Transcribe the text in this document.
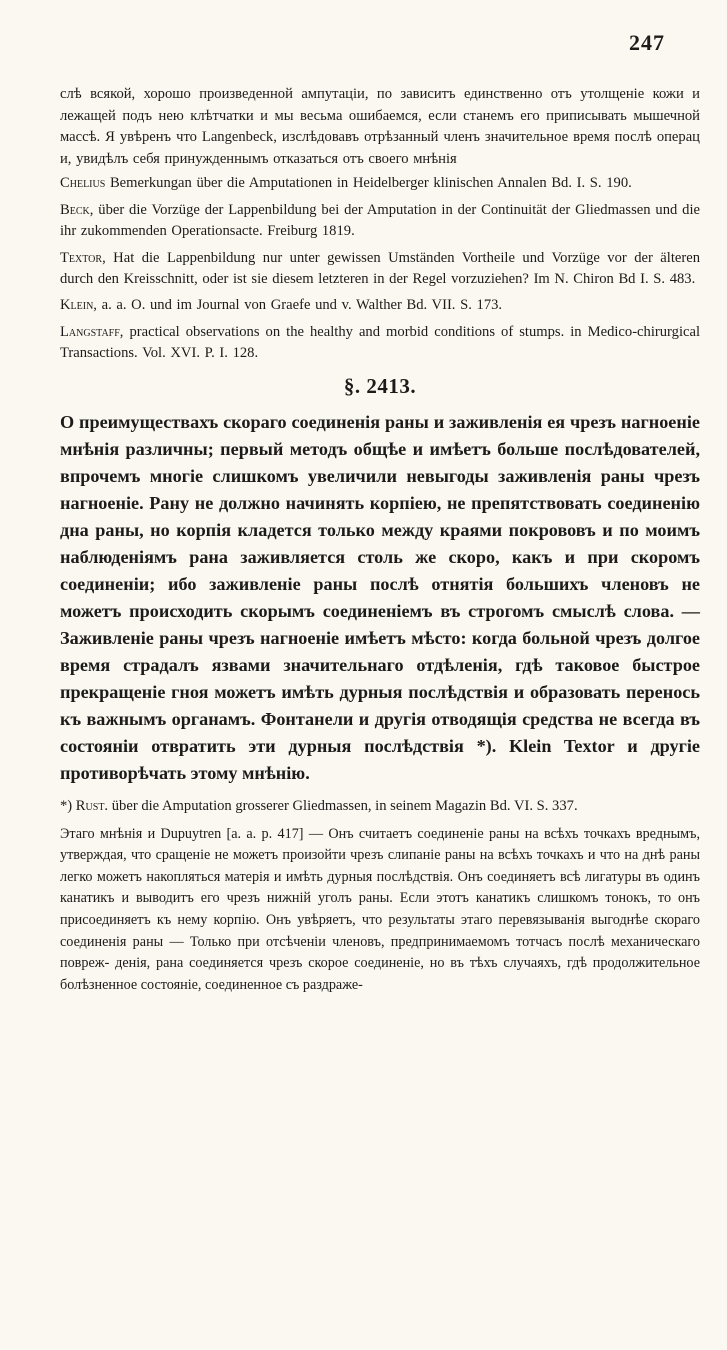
247

слѣ всякой, хорошо произведенной ампутаціи, по зависитъ единственно отъ утолщеніе кожи и лежащей подъ нею клѣтчатки и мы весьма ошибаемся, если станемъ его приписывать мышечной массѣ. Я увѣренъ что Langenbeck, изслѣдовавъ отрѣзанный членъ значительное время послѣ операц и, увидѣлъ себя принужденнымъ отказаться отъ своего мнѣнія

Chelius Bemerkungan über die Amputationen in Heidelberger klinischen Annalen Bd. I. S. 190.

Beck, über die Vorzüge der Lappenbildung bei der Amputation in der Continuität der Gliedmassen und die ihr zukommenden Operationsacte. Freiburg 1819.

Textor, Hat die Lappenbildung nur unter gewissen Umständen Vortheile und Vorzüge vor der älteren durch den Kreisschnitt, oder ist sie diesem letzteren in der Regel vorzuziehen? Im N. Chiron Bd I. S. 483.

Klein, a. a. O. und im Journal von Graefe und v. Walther Bd. VII. S. 173.

Langstaff, practical observations on the healthy and morbid conditions of stumps. in Medico-chirurgical Transactions. Vol. XVI. P. I. 128.

§. 2413.

О преимуществахъ скораго соединенія раны и заживленія ея чрезъ нагноеніе мнѣнія различны; первый методъ общѣе и имѣетъ больше послѣдователей, впрочемъ многіе слишкомъ увеличили невыгоды заживленія раны чрезъ нагноеніе. Рану не должно начинять корпіею, не препятствовать соединенію дна раны, но корпія кладется только между краями покрововъ и по моимъ наблюденіямъ рана заживляется столь же скоро, какъ и при скоромъ соединеніи; ибо заживленіе раны послѣ отнятія большихъ членовъ не можетъ происходить скорымъ соединеніемъ въ строгомъ смыслѣ слова. — Заживленіе раны чрезъ нагноеніе имѣетъ мѣсто: когда больной чрезъ долгое время страдалъ язвами значительнаго отдѣленія, гдѣ таковое быстрое прекращеніе гноя можетъ имѣть дурныя послѣдствія и образовать перенось къ важнымъ органамъ. Фонтанели и другія отводящія средства не всегда въ состояніи отвратить эти дурныя послѣдствія *). Klein Textor и другіе противорѣчать этому мнѣнію.

*) Rust. über die Amputation grosserer Gliedmassen, in seinem Magazin Bd. VI. S. 337.

Этаго мнѣнія и Dupuytren [a. a. p. 417] — Онъ считаетъ соединеніе раны на всѣхъ точкахъ вреднымъ, утверждая, что сращеніе не можетъ произойти чрезъ слипаніе раны на всѣхъ точкахъ и что на днѣ раны легко можетъ накопляться матерія и имѣть дурныя послѣдствія. Онъ соединяетъ всѣ лигатуры въ одинъ канатикъ и выводитъ его чрезъ нижній уголъ раны. Если этотъ канатикъ слишкомъ тонокъ, то онъ присоединяетъ къ нему корпію. Онъ увѣряетъ, что результаты этаго перевязыванія выгоднѣе скораго соединенія раны — Только при отсѣченіи членовъ, предпринимаемомъ тотчасъ послѣ механическаго повреж- денія, рана соединяется чрезъ скорое соединеніе, но въ тѣхъ случаяхъ, гдѣ продолжительное болѣзненное состояніе, соединенное съ раздраже-
